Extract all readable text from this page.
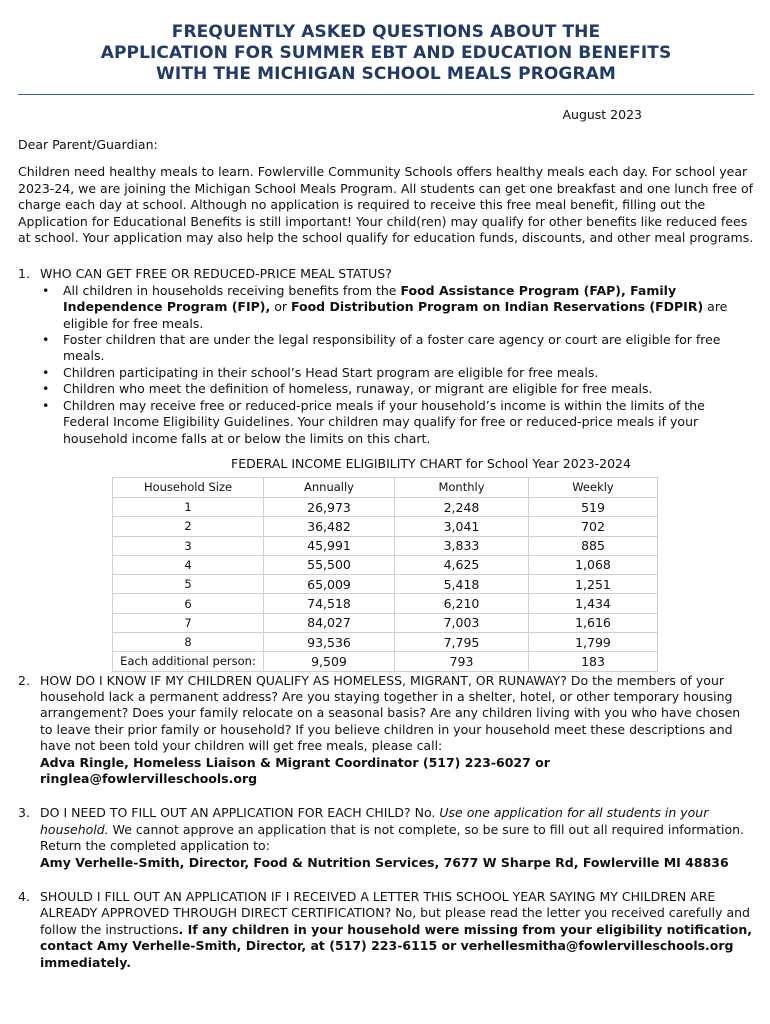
FREQUENTLY ASKED QUESTIONS ABOUT THE
APPLICATION FOR SUMMER EBT AND EDUCATION BENEFITS
WITH THE MICHIGAN SCHOOL MEALS PROGRAM
August 2023

Dear Parent/Guardian:

Children need healthy meals to learn. Fowlerville Community Schools offers healthy meals each day. For school year 2023-24, we are joining the Michigan School Meals Program. All students can get one breakfast and one lunch free of charge each day at school. Although no application is required to receive this free meal benefit, filling out the Application for Educational Benefits is still important! Your child(ren) may qualify for other benefits like reduced fees at school. Your application may also help the school qualify for education funds, discounts, and other meal programs.

1. WHO CAN GET FREE OR REDUCED-PRICE MEAL STATUS?
• All children in households receiving benefits from the Food Assistance Program (FAP), Family Independence Program (FIP), or Food Distribution Program on Indian Reservations (FDPIR) are eligible for free meals.
• Foster children that are under the legal responsibility of a foster care agency or court are eligible for free meals.
• Children participating in their school’s Head Start program are eligible for free meals.
• Children who meet the definition of homeless, runaway, or migrant are eligible for free meals.
• Children may receive free or reduced-price meals if your household’s income is within the limits of the Federal Income Eligibility Guidelines. Your children may qualify for free or reduced-price meals if your household income falls at or below the limits on this chart.
FEDERAL INCOME ELIGIBILITY CHART for School Year 2023-2024
Household Size	Annually	Monthly	Weekly
1	26,973	2,248	519
2	36,482	3,041	702
3	45,991	3,833	885
4	55,500	4,625	1,068
5	65,009	5,418	1,251
6	74,518	6,210	1,434
7	84,027	7,003	1,616
8	93,536	7,795	1,799
Each additional person:	9,509	793	183
2. HOW DO I KNOW IF MY CHILDREN QUALIFY AS HOMELESS, MIGRANT, OR RUNAWAY? Do the members of your household lack a permanent address? Are you staying together in a shelter, hotel, or other temporary housing arrangement? Does your family relocate on a seasonal basis? Are any children living with you who have chosen to leave their prior family or household? If you believe children in your household meet these descriptions and have not been told your children will get free meals, please call:
Adva Ringle, Homeless Liaison & Migrant Coordinator (517) 223-6027 or ringlea@fowlervilleschools.org
3. DO I NEED TO FILL OUT AN APPLICATION FOR EACH CHILD? No. Use one application for all students in your household. We cannot approve an application that is not complete, so be sure to fill out all required information. Return the completed application to:
Amy Verhelle-Smith, Director, Food & Nutrition Services, 7677 W Sharpe Rd, Fowlerville MI 48836
4. SHOULD I FILL OUT AN APPLICATION IF I RECEIVED A LETTER THIS SCHOOL YEAR SAYING MY CHILDREN ARE ALREADY APPROVED THROUGH DIRECT CERTIFICATION? No, but please read the letter you received carefully and follow the instructions. If any children in your household were missing from your eligibility notification, contact Amy Verhelle-Smith, Director, at (517) 223-6115 or verhellesmitha@fowlervilleschools.org immediately.
